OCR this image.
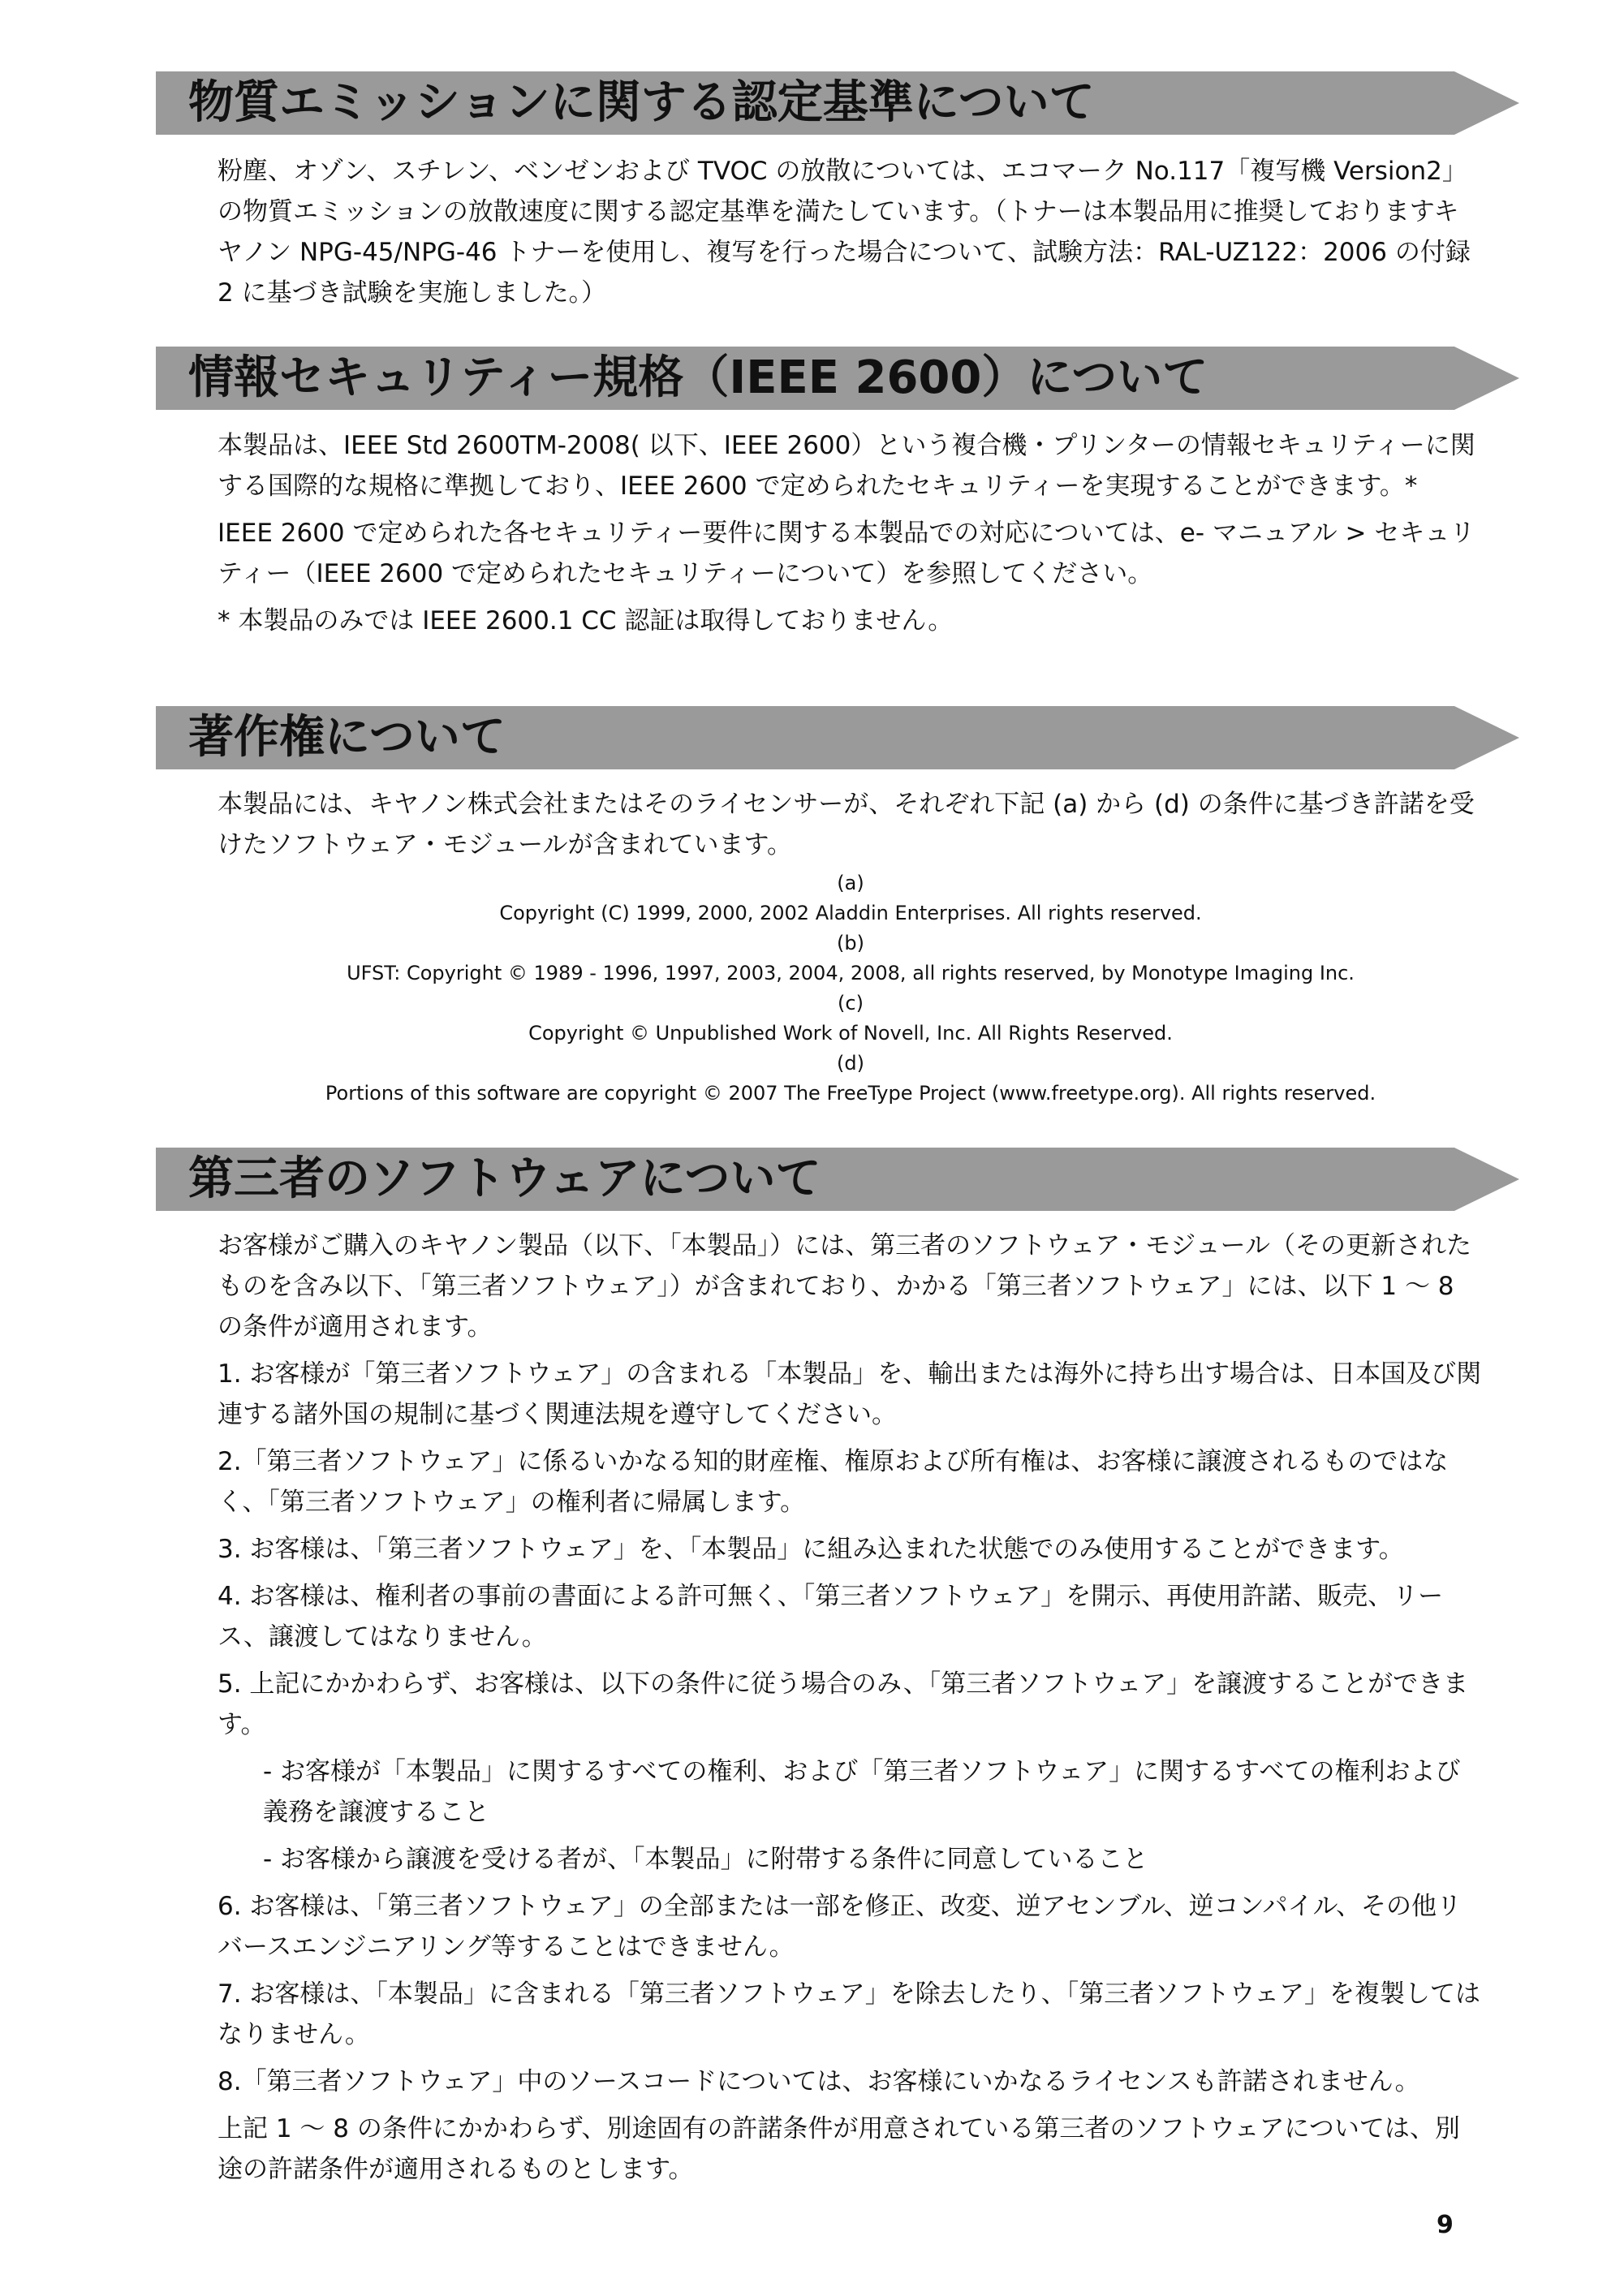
物質エミッションに関する認定基準について

粉塵、オゾン、スチレン、ベンゼンおよび TVOC の放散については、エコマーク No.117「複写機 Version2」の物質エミッションの放散速度に関する認定基準を満たしています。（トナーは本製品用に推奨しておりますキヤノン NPG-45/NPG-46 トナーを使用し、複写を行った場合について、試験方法：RAL-UZ122：2006 の付録 2 に基づき試験を実施しました。）

情報セキュリティー規格（IEEE 2600）について

本製品は、IEEE Std 2600TM-2008( 以下、IEEE 2600）という複合機・プリンターの情報セキュリティーに関する国際的な規格に準拠しており、IEEE 2600 で定められたセキュリティーを実現することができます。*

IEEE 2600 で定められた各セキュリティー要件に関する本製品での対応については、e- マニュアル > セキュリティー（IEEE 2600 で定められたセキュリティーについて）を参照してください。

* 本製品のみでは IEEE 2600.1 CC 認証は取得しておりません。

著作権について

本製品には、キヤノン株式会社またはそのライセンサーが、それぞれ下記 (a) から (d) の条件に基づき許諾を受けたソフトウェア・モジュールが含まれています。

(a)
Copyright (C) 1999, 2000, 2002 Aladdin Enterprises. All rights reserved.
(b)
UFST: Copyright © 1989 - 1996, 1997, 2003, 2004, 2008, all rights reserved, by Monotype Imaging Inc.
(c)
Copyright © Unpublished Work of Novell, Inc. All Rights Reserved.
(d)
Portions of this software are copyright © 2007 The FreeType Project (www.freetype.org). All rights reserved.
第三者のソフトウェアについて

お客様がご購入のキヤノン製品（以下、「本製品」）には、第三者のソフトウェア・モジュール（その更新されたものを含み以下、「第三者ソフトウェア」）が含まれており、かかる「第三者ソフトウェア」には、以下 1 〜 8 の条件が適用されます。

1. お客様が「第三者ソフトウェア」の含まれる「本製品」を、輸出または海外に持ち出す場合は、日本国及び関連する諸外国の規制に基づく関連法規を遵守してください。

2.「第三者ソフトウェア」に係るいかなる知的財産権、権原および所有権は、お客様に譲渡されるものではなく、「第三者ソフトウェア」の権利者に帰属します。

3. お客様は、「第三者ソフトウェア」を、「本製品」に組み込まれた状態でのみ使用することができます。

4. お客様は、権利者の事前の書面による許可無く、「第三者ソフトウェア」を開示、再使用許諾、販売、リース、譲渡してはなりません。

5. 上記にかかわらず、お客様は、以下の条件に従う場合のみ、「第三者ソフトウェア」を譲渡することができます。

- お客様が「本製品」に関するすべての権利、および「第三者ソフトウェア」に関するすべての権利および義務を譲渡すること

- お客様から譲渡を受ける者が、「本製品」に附帯する条件に同意していること

6. お客様は、「第三者ソフトウェア」の全部または一部を修正、改変、逆アセンブル、逆コンパイル、その他リバースエンジニアリング等することはできません。

7. お客様は、「本製品」に含まれる「第三者ソフトウェア」を除去したり、「第三者ソフトウェア」を複製してはなりません。

8.「第三者ソフトウェア」中のソースコードについては、お客様にいかなるライセンスも許諾されません。

上記 1 〜 8 の条件にかかわらず、別途固有の許諾条件が用意されている第三者のソフトウェアについては、別途の許諾条件が適用されるものとします。

9
